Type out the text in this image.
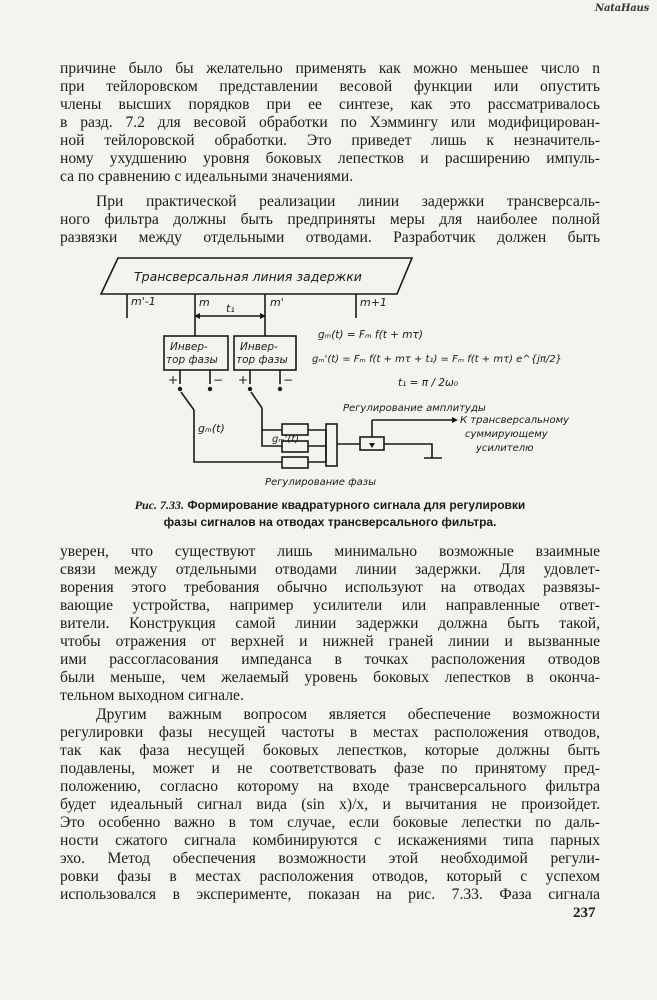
NataHaus
причине было бы желательно применять как можно меньшее число n
при тейлоровском представлении весовой функции или опустить
члены высших порядков при ее синтезе, как это рассматривалось
в разд. 7.2 для весовой обработки по Хэммингу или модифицирован-
ной тейлоровской обработки. Это приведет лишь к незначитель-
ному ухудшению уровня боковых лепестков и расширению импуль-
са по сравнению с идеальными значениями.
При практической реализации линии задержки трансверсаль-
ного фильтра должны быть предприняты меры для наиболее полной
развязки между отдельными отводами. Разработчик должен быть
Трансверсальная линия задержки
m'-1	m t₁	m'	m+1
Инвер-
тор фазы
Инвер-
тор фазы
+	− +	−
gₘ(t) = Fₘ f(t + mτ)
gₘ'(t) = Fₘ f(t + mτ + t₁) = Fₘ f(t + mτ) e^{jπ/2}
t₁ = π / 2ω₀
gₘ(t)
gₘ'(t)
Регулирование амплитуды
К трансверсальному
суммирующему
усилителю
Регулирование фазы
Рис. 7.33. Формирование квадратурного сигнала для регулировки
фазы сигналов на отводах трансверсального фильтра.
уверен, что существуют лишь минимально возможные взаимные
связи между отдельными отводами линии задержки. Для удовлет-
ворения этого требования обычно используют на отводах развязы-
вающие устройства, например усилители или направленные ответ-
вители. Конструкция самой линии задержки должна быть такой,
чтобы отражения от верхней и нижней граней линии и вызванные
ими рассогласования импеданса в точках расположения отводов
были меньше, чем желаемый уровень боковых лепестков в оконча-
тельном выходном сигнале.
Другим важным вопросом является обеспечение возможности
регулировки фазы несущей частоты в местах расположения отводов,
так как фаза несущей боковых лепестков, которые должны быть
подавлены, может и не соответствовать фазе по принятому пред-
положению, согласно которому на входе трансверсального фильтра
будет идеальный сигнал вида (sin x)/x, и вычитания не произойдет.
Это особенно важно в том случае, если боковые лепестки по даль-
ности сжатого сигнала комбинируются с искажениями типа парных
эхо. Метод обеспечения возможности этой необходимой регули-
ровки фазы в местах расположения отводов, который с успехом
использовался в эксперименте, показан на рис. 7.33. Фаза сигнала
237
